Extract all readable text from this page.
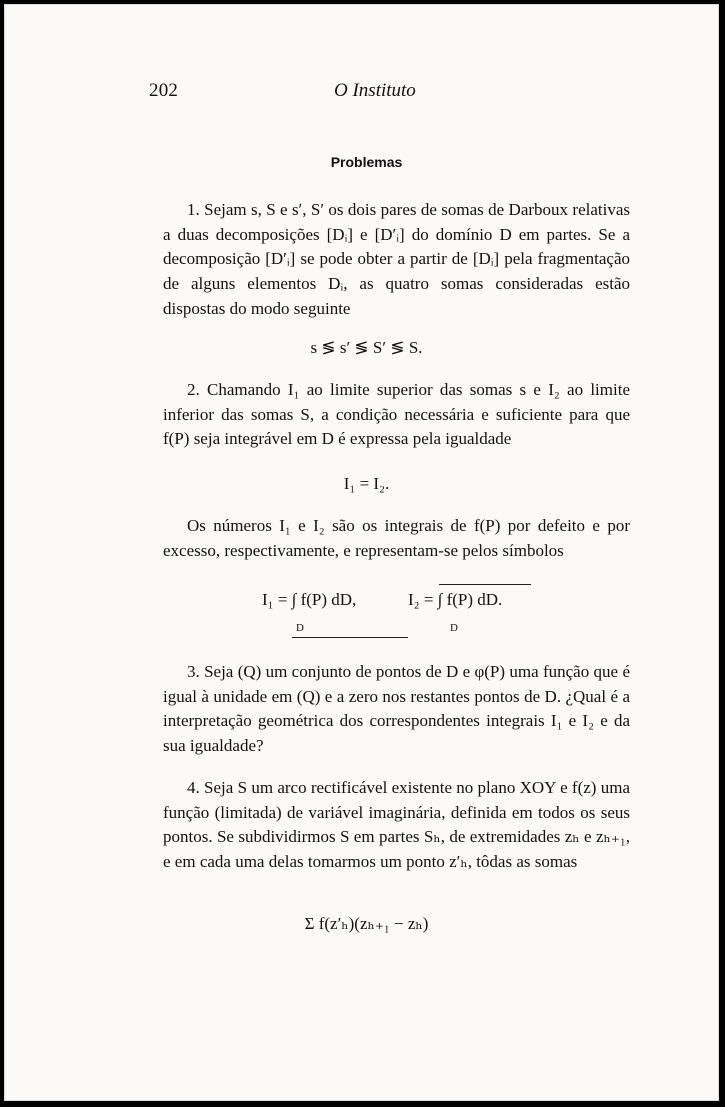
202	O Instituto
Problemas
1. Sejam s, S e s′, S′ os dois pares de somas de Darboux relativas a duas decomposições [Dᵢ] e [D′ᵢ] do domínio D em partes. Se a decomposição [D′ᵢ] se pode obter a partir de [Dᵢ] pela fragmentação de alguns elementos Dᵢ, as quatro somas consideradas estão dispostas do modo seguinte
s ≶ s′ ≶ S′ ≶ S.
2. Chamando I₁ ao limite superior das somas s e I₂ ao limite inferior das somas S, a condição necessária e suficiente para que f(P) seja integrável em D é expressa pela igualdade
I₁ = I₂.
Os números I₁ e I₂ são os integrais de f(P) por defeito e por excesso, respectivamente, e representam-se pelos símbolos
I₁ = ∫ f(P) dD,	I₂ = ∫ f(P) dD.
D	D
3. Seja (Q) um conjunto de pontos de D e φ(P) uma função que é igual à unidade em (Q) e a zero nos restantes pontos de D. ¿Qual é a interpretação geométrica dos correspondentes integrais I₁ e I₂ e da sua igualdade?
4. Seja S um arco rectificável existente no plano XOY e f(z) uma função (limitada) de variável imaginária, definida em todos os seus pontos. Se subdividirmos S em partes Sₕ, de extremidades zₕ e zₕ₊₁, e em cada uma delas tomarmos um ponto z′ₕ, tôdas as somas
Σ f(z′ₕ)(zₕ₊₁ − zₕ)
